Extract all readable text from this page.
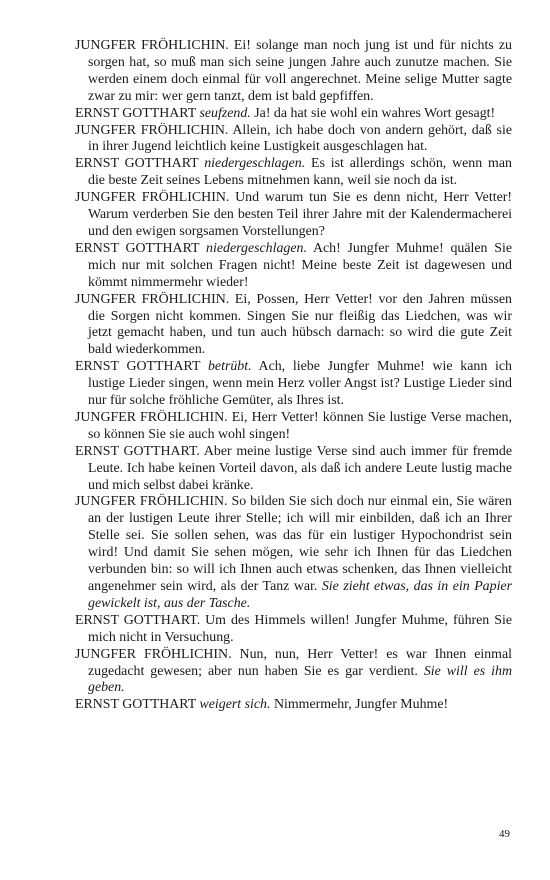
JUNGFER FRÖHLICHIN. Ei! solange man noch jung ist und für nichts zu sorgen hat, so muß man sich seine jungen Jahre auch zunutze machen. Sie werden einem doch einmal für voll angerechnet. Meine selige Mutter sagte zwar zu mir: wer gern tanzt, dem ist bald gepfiffen.

ERNST GOTTHART seufzend. Ja! da hat sie wohl ein wahres Wort gesagt!

JUNGFER FRÖHLICHIN. Allein, ich habe doch von andern gehört, daß sie in ihrer Jugend leichtlich keine Lustigkeit ausgeschlagen hat.

ERNST GOTTHART niedergeschlagen. Es ist allerdings schön, wenn man die beste Zeit seines Lebens mitnehmen kann, weil sie noch da ist.

JUNGFER FRÖHLICHIN. Und warum tun Sie es denn nicht, Herr Vetter! Warum verderben Sie den besten Teil ihrer Jahre mit der Kalendermacherei und den ewigen sorgsamen Vorstellungen?

ERNST GOTTHART niedergeschlagen. Ach! Jungfer Muhme! quälen Sie mich nur mit solchen Fragen nicht! Meine beste Zeit ist dagewesen und kömmt nimmermehr wieder!

JUNGFER FRÖHLICHIN. Ei, Possen, Herr Vetter! vor den Jahren müssen die Sorgen nicht kommen. Singen Sie nur fleißig das Liedchen, was wir jetzt gemacht haben, und tun auch hübsch darnach: so wird die gute Zeit bald wiederkommen.

ERNST GOTTHART betrübt. Ach, liebe Jungfer Muhme! wie kann ich lustige Lieder singen, wenn mein Herz voller Angst ist? Lustige Lieder sind nur für solche fröhliche Gemüter, als Ihres ist.

JUNGFER FRÖHLICHIN. Ei, Herr Vetter! können Sie lustige Verse machen, so können Sie sie auch wohl singen!

ERNST GOTTHART. Aber meine lustige Verse sind auch immer für fremde Leute. Ich habe keinen Vorteil davon, als daß ich andere Leute lustig mache und mich selbst dabei kränke.

JUNGFER FRÖHLICHIN. So bilden Sie sich doch nur einmal ein, Sie wären an der lustigen Leute ihrer Stelle; ich will mir einbilden, daß ich an Ihrer Stelle sei. Sie sollen sehen, was das für ein lustiger Hypochondrist sein wird! Und damit Sie sehen mögen, wie sehr ich Ihnen für das Liedchen verbunden bin: so will ich Ihnen auch etwas schenken, das Ihnen vielleicht angenehmer sein wird, als der Tanz war. Sie zieht etwas, das in ein Papier gewickelt ist, aus der Tasche.

ERNST GOTTHART. Um des Himmels willen! Jungfer Muhme, führen Sie mich nicht in Versuchung.

JUNGFER FRÖHLICHIN. Nun, nun, Herr Vetter! es war Ihnen einmal zugedacht gewesen; aber nun haben Sie es gar verdient. Sie will es ihm geben.

ERNST GOTTHART weigert sich. Nimmermehr, Jungfer Muhme!

49
